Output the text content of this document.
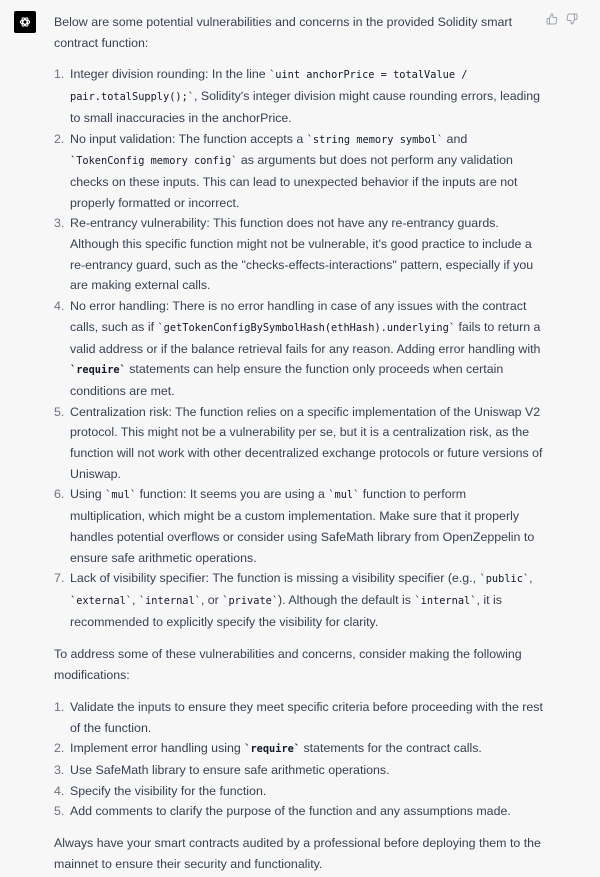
Below are some potential vulnerabilities and concerns in the provided Solidity smart contract function:

1. Integer division rounding: In the line `uint anchorPrice = totalValue / pair.totalSupply();`, Solidity's integer division might cause rounding errors, leading to small inaccuracies in the anchorPrice.
2. No input validation: The function accepts a `string memory symbol` and `TokenConfig memory config` as arguments but does not perform any validation checks on these inputs. This can lead to unexpected behavior if the inputs are not properly formatted or incorrect.
3. Re-entrancy vulnerability: This function does not have any re-entrancy guards. Although this specific function might not be vulnerable, it's good practice to include a re-entrancy guard, such as the "checks-effects-interactions" pattern, especially if you are making external calls.
4. No error handling: There is no error handling in case of any issues with the contract calls, such as if `getTokenConfigBySymbolHash(ethHash).underlying` fails to return a valid address or if the balance retrieval fails for any reason. Adding error handling with `require` statements can help ensure the function only proceeds when certain conditions are met.
5. Centralization risk: The function relies on a specific implementation of the Uniswap V2 protocol. This might not be a vulnerability per se, but it is a centralization risk, as the function will not work with other decentralized exchange protocols or future versions of Uniswap.
6. Using `mul` function: It seems you are using a `mul` function to perform multiplication, which might be a custom implementation. Make sure that it properly handles potential overflows or consider using SafeMath library from OpenZeppelin to ensure safe arithmetic operations.
7. Lack of visibility specifier: The function is missing a visibility specifier (e.g., `public`, `external`, `internal`, or `private`). Although the default is `internal`, it is recommended to explicitly specify the visibility for clarity.

To address some of these vulnerabilities and concerns, consider making the following modifications:

1. Validate the inputs to ensure they meet specific criteria before proceeding with the rest of the function.
2. Implement error handling using `require` statements for the contract calls.
3. Use SafeMath library to ensure safe arithmetic operations.
4. Specify the visibility for the function.
5. Add comments to clarify the purpose of the function and any assumptions made.

Always have your smart contracts audited by a professional before deploying them to the mainnet to ensure their security and functionality.
